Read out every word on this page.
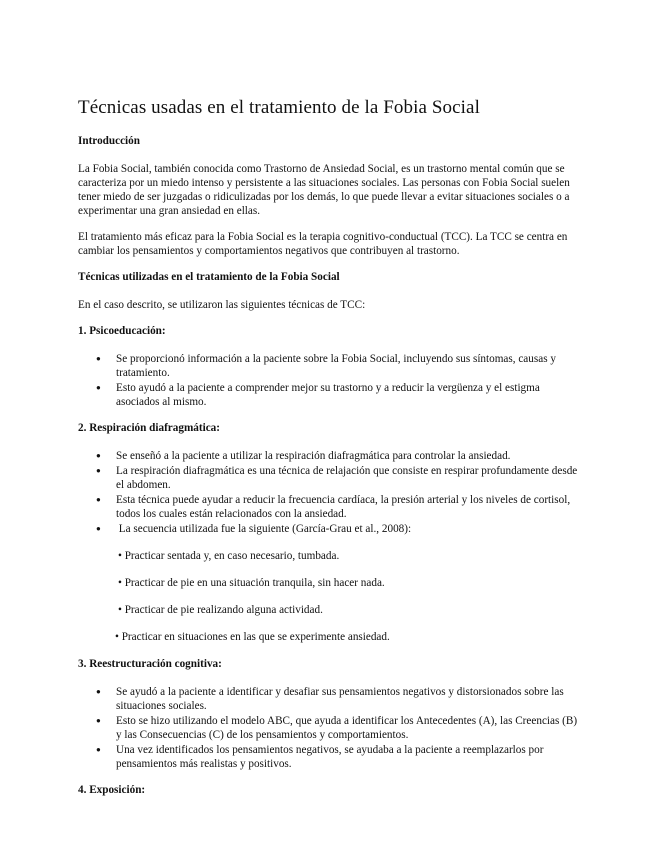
Técnicas usadas en el tratamiento de la Fobia Social
Introducción

La Fobia Social, también conocida como Trastorno de Ansiedad Social, es un trastorno mental común que se caracteriza por un miedo intenso y persistente a las situaciones sociales. Las personas con Fobia Social suelen tener miedo de ser juzgadas o ridiculizadas por los demás, lo que puede llevar a evitar situaciones sociales o a experimentar una gran ansiedad en ellas.

El tratamiento más eficaz para la Fobia Social es la terapia cognitivo-conductual (TCC). La TCC se centra en cambiar los pensamientos y comportamientos negativos que contribuyen al trastorno.

Técnicas utilizadas en el tratamiento de la Fobia Social

En el caso descrito, se utilizaron las siguientes técnicas de TCC:

1. Psicoeducación:
● Se proporcionó información a la paciente sobre la Fobia Social, incluyendo sus síntomas, causas y tratamiento.
● Esto ayudó a la paciente a comprender mejor su trastorno y a reducir la vergüenza y el estigma asociados al mismo.
2. Respiración diafragmática:
● Se enseñó a la paciente a utilizar la respiración diafragmática para controlar la ansiedad.
● La respiración diafragmática es una técnica de relajación que consiste en respirar profundamente desde el abdomen.
● Esta técnica puede ayudar a reducir la frecuencia cardíaca, la presión arterial y los niveles de cortisol, todos los cuales están relacionados con la ansiedad.
●  La secuencia utilizada fue la siguiente (García-Grau et al., 2008):
• Practicar sentada y, en caso necesario, tumbada.
• Practicar de pie en una situación tranquila, sin hacer nada.
• Practicar de pie realizando alguna actividad.
• Practicar en situaciones en las que se experimente ansiedad.
3. Reestructuración cognitiva:
● Se ayudó a la paciente a identificar y desafiar sus pensamientos negativos y distorsionados sobre las situaciones sociales.
● Esto se hizo utilizando el modelo ABC, que ayuda a identificar los Antecedentes (A), las Creencias (B) y las Consecuencias (C) de los pensamientos y comportamientos.
● Una vez identificados los pensamientos negativos, se ayudaba a la paciente a reemplazarlos por pensamientos más realistas y positivos.
4. Exposición:
